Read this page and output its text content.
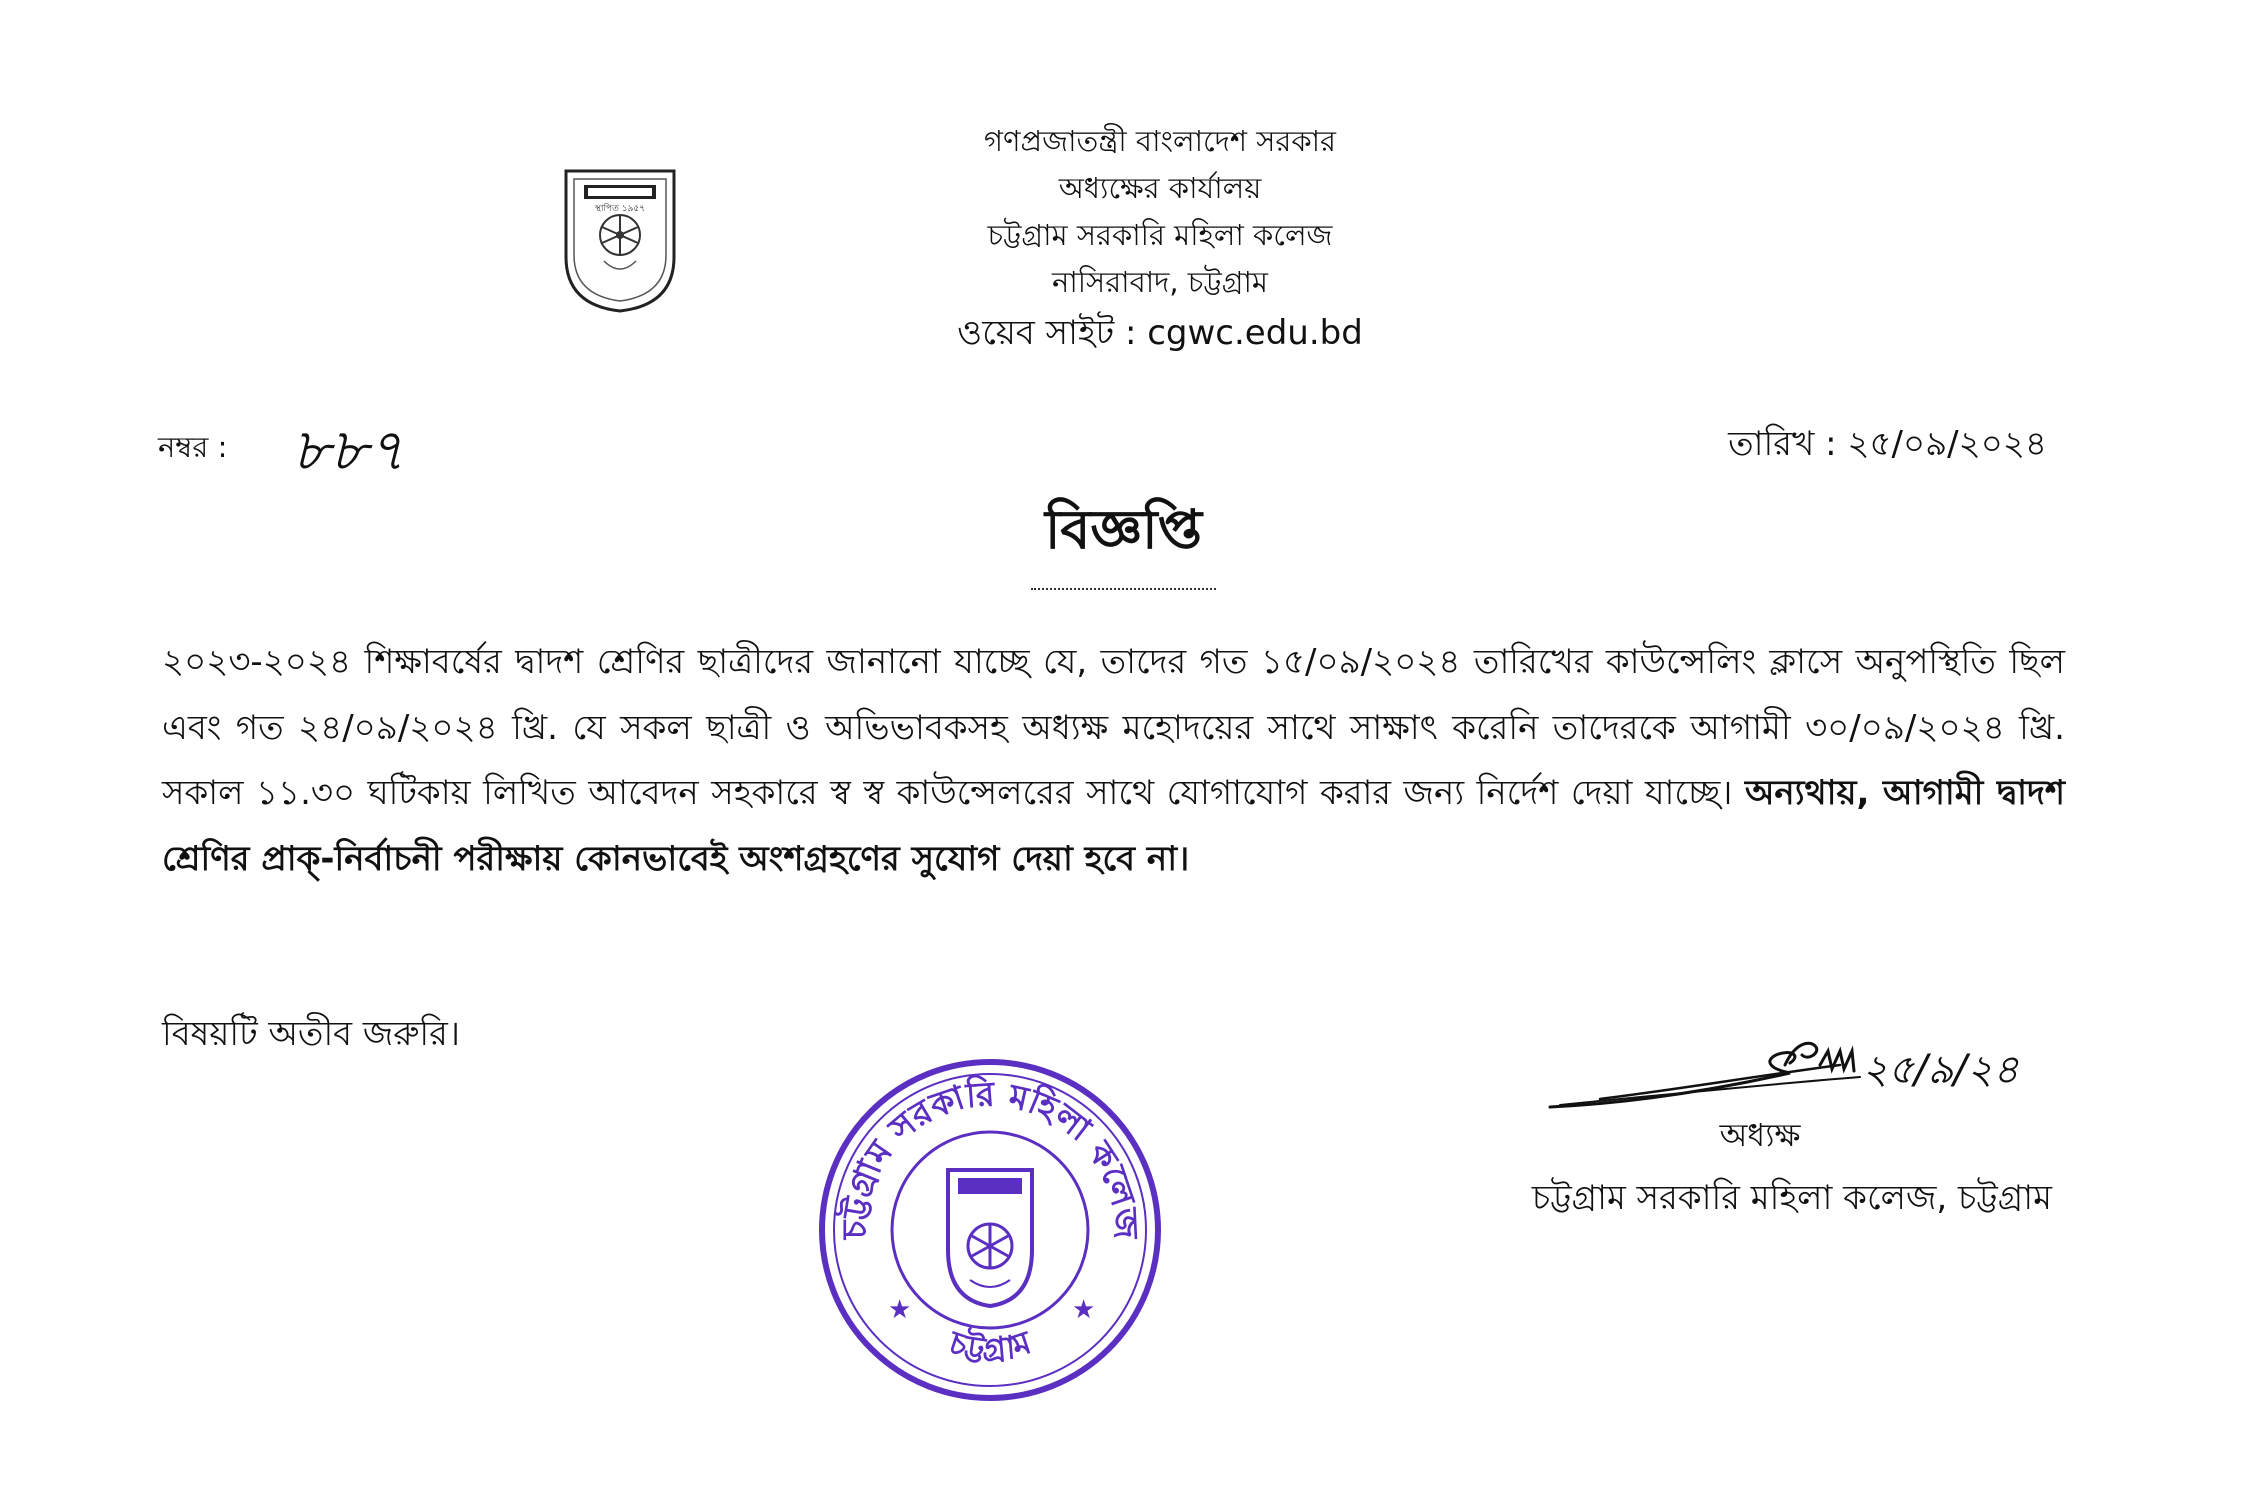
স্থাপিত ১৯৫৭
গণপ্রজাতন্ত্রী বাংলাদেশ সরকার
অধ্যক্ষের কার্যালয়
চট্টগ্রাম সরকারি মহিলা কলেজ
নাসিরাবাদ, চট্টগ্রাম
ওয়েব সাইট : cgwc.edu.bd
নম্বর : ৮৮৭	তারিখ : ২৫/০৯/২০২৪
বিজ্ঞপ্তি
২০২৩-২০২৪ শিক্ষাবর্ষের দ্বাদশ শ্রেণির ছাত্রীদের জানানো যাচ্ছে যে, তাদের গত ১৫/০৯/২০২৪ তারিখের কাউন্সেলিং ক্লাসে অনুপস্থিতি ছিল এবং গত ২৪/০৯/২০২৪ খ্রি. যে সকল ছাত্রী ও অভিভাবকসহ অধ্যক্ষ মহোদয়ের সাথে সাক্ষাৎ করেনি তাদেরকে আগামী ৩০/০৯/২০২৪ খ্রি. সকাল ১১.৩০ ঘটিকায় লিখিত আবেদন সহকারে স্ব স্ব কাউন্সেলরের সাথে যোগাযোগ করার জন্য নির্দেশ দেয়া যাচ্ছে। অন্যথায়, আগামী দ্বাদশ শ্রেণির প্রাক্-নির্বাচনী পরীক্ষায় কোনভাবেই অংশগ্রহণের সুযোগ দেয়া হবে না।
বিষয়টি অতীব জরুরি।
২৫/৯/২৪
অধ্যক্ষ
চট্টগ্রাম সরকারি মহিলা কলেজ, চট্টগ্রাম
চট্টগ্রাম সরকারি মহিলা কলেজ
চট্টগ্রাম
★	★
